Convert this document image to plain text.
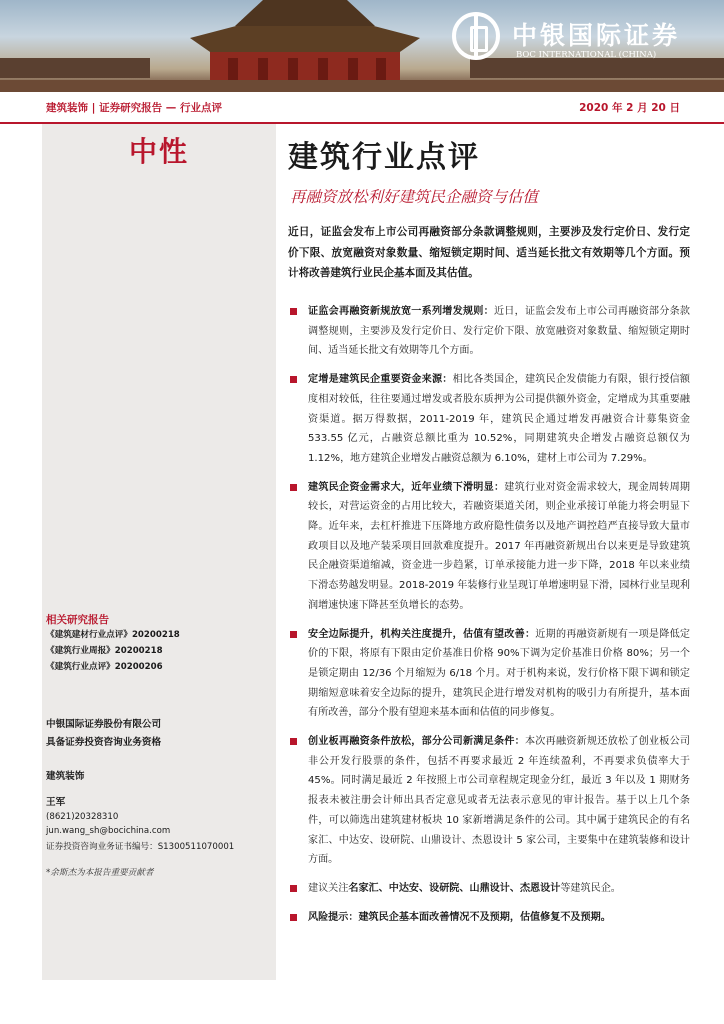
中银国际证券
BOC INTERNATIONAL (CHINA)
建筑装饰 | 证券研究报告 — 行业点评	2020 年 2 月 20 日
中性
相关研究报告
《建筑建材行业点评》20200218
《建筑行业周报》20200218
《建筑行业点评》20200206
中银国际证券股份有限公司
具备证券投资咨询业务资格
建筑装饰
王军
(8621)20328310
jun.wang_sh@bocichina.com
证券投资咨询业务证书编号：S1300511070001
*余斯杰为本报告重要贡献者
建筑行业点评
再融资放松利好建筑民企融资与估值
近日，证监会发布上市公司再融资部分条款调整规则，主要涉及发行定价日、发行定价下限、放宽融资对象数量、缩短锁定期时间、适当延长批文有效期等几个方面。预计将改善建筑行业民企基本面及其估值。
证监会再融资新规放宽一系列增发规则：近日，证监会发布上市公司再融资部分条款调整规则，主要涉及发行定价日、发行定价下限、放宽融资对象数量、缩短锁定期时间、适当延长批文有效期等几个方面。
定增是建筑民企重要资金来源：相比各类国企，建筑民企发债能力有限，银行授信额度相对较低，往往要通过增发或者股东质押为公司提供额外资金，定增成为其重要融资渠道。据万得数据，2011-2019 年，建筑民企通过增发再融资合计募集资金 533.55 亿元，占融资总额比重为 10.52%，同期建筑央企增发占融资总额仅为 1.12%，地方建筑企业增发占融资总额为 6.10%，建材上市公司为 7.29%。
建筑民企资金需求大，近年业绩下滑明显：建筑行业对资金需求较大，现金周转周期较长，对营运资金的占用比较大，若融资渠道关闭，则企业承接订单能力将会明显下降。近年来，去杠杆推进下压降地方政府隐性债务以及地产调控趋严直接导致大量市政项目以及地产装采项目回款难度提升。2017 年再融资新规出台以来更是导致建筑民企融资渠道缩减，资金进一步趋紧，订单承接能力进一步下降，2018 年以来业绩下滑态势越发明显。2018-2019 年装修行业呈现订单增速明显下滑，园林行业呈现利润增速快速下降甚至负增长的态势。
安全边际提升，机构关注度提升，估值有望改善：近期的再融资新规有一项是降低定价的下限，将原有下限由定价基准日价格 90%下调为定价基准日价格 80%；另一个是锁定期由 12/36 个月缩短为 6/18 个月。对于机构来说，发行价格下限下调和锁定期缩短意味着安全边际的提升，建筑民企进行增发对机构的吸引力有所提升，基本面有所改善，部分个股有望迎来基本面和估值的同步修复。
创业板再融资条件放松，部分公司新满足条件：本次再融资新规还放松了创业板公司非公开发行股票的条件，包括不再要求最近 2 年连续盈利，不再要求负债率大于 45%。同时满足最近 2 年按照上市公司章程规定现金分红，最近 3 年以及 1 期财务报表未被注册会计师出具否定意见或者无法表示意见的审计报告。基于以上几个条件，可以筛选出建筑建材板块 10 家新增满足条件的公司。其中属于建筑民企的有名家汇、中达安、设研院、山鼎设计、杰恩设计 5 家公司，主要集中在建筑装修和设计方面。
建议关注名家汇、中达安、设研院、山鼎设计、杰恩设计等建筑民企。
风险提示：建筑民企基本面改善情况不及预期，估值修复不及预期。
